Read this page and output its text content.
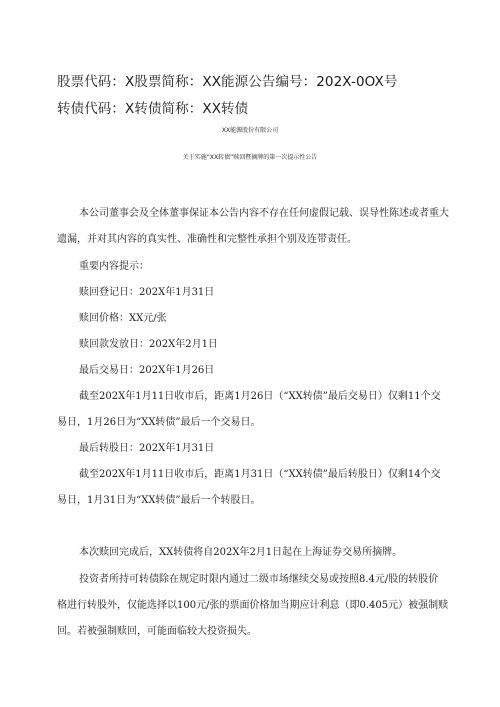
股票代码：X股票简称：XX能源公告编号：202X-0OX号
转债代码：X转债简称：XX转债
XX能源股份有限公司
关于实施“XX转债”赎回暨摘牌的第一次提示性公告
本公司董事会及全体董事保证本公告内容不存在任何虚假记载、误导性陈述或者重大
遗漏，并对其内容的真实性、准确性和完整性承担个别及连带责任。
重要内容提示：
赎回登记日：202X年1月31日
赎回价格：XX元/张
赎回款发放日：202X年2月1日
最后交易日：202X年1月26日
截至202X年1月11日收市后，距离1月26日（“XX转债”最后交易日）仅剩11个交
易日，1月26日为“XX转债”最后一个交易日。
最后转股日：202X年1月31日
截至202X年1月11日收市后，距离1月31日（“XX转债”最后转股日）仅剩14个交
易日，1月31日为“XX转债”最后一个转股日。
本次赎回完成后，XX转债将自202X年2月1日起在上海证券交易所摘牌。
投资者所持可转债除在规定时限内通过二级市场继续交易或按照8.4元/股的转股价
格进行转股外，仅能选择以100元/张的票面价格加当期应计利息（即0.405元）被强制赎
回。若被强制赎回，可能面临较大投资损失。
